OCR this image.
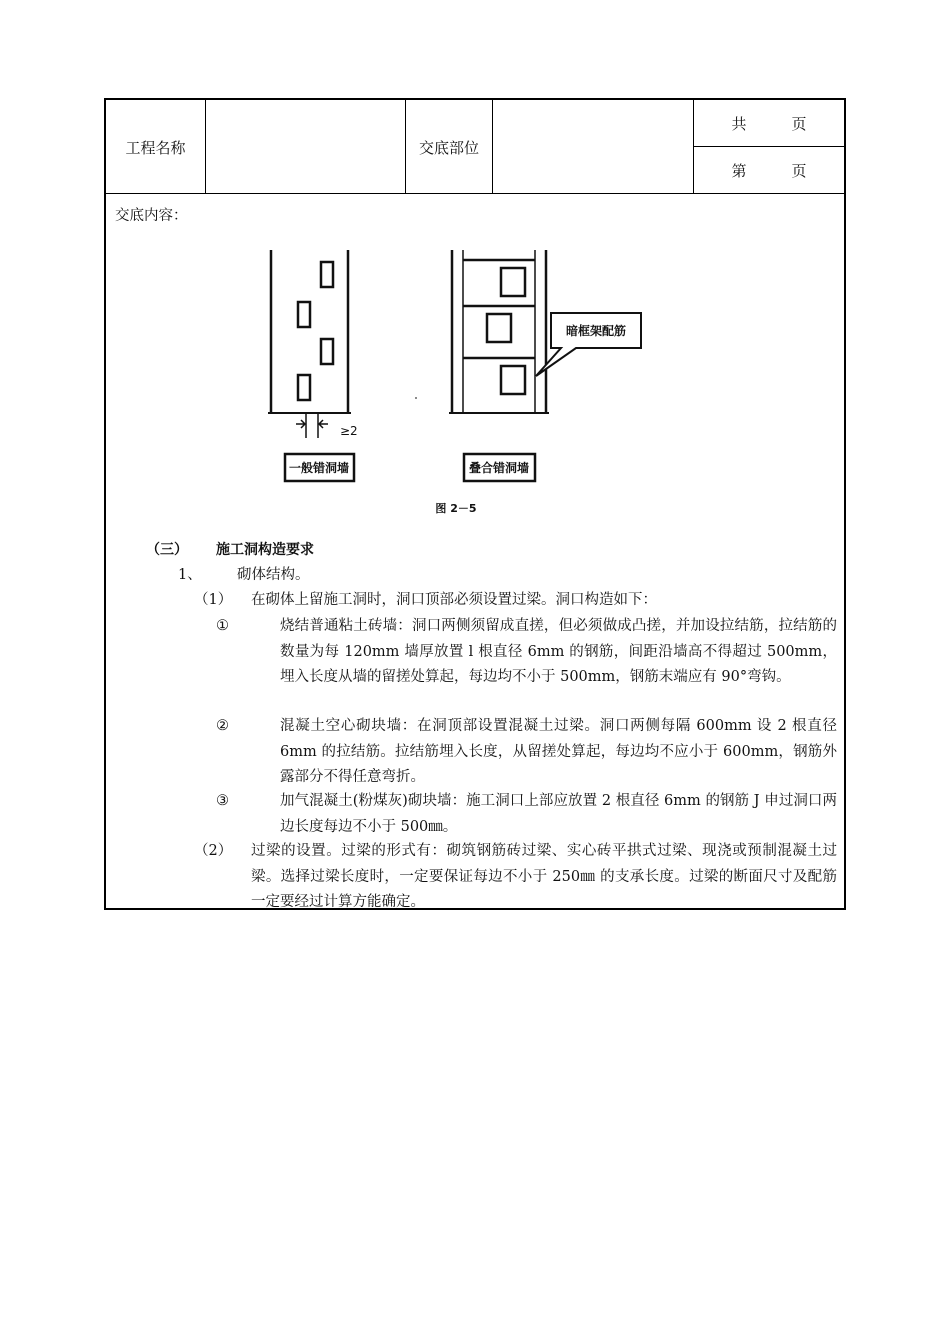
工程名称	交底部位
共　　　页
第　　　页
交底内容：
≥2
一般错洞墙
暗框架配筋
叠合错洞墙
图 2－5
（三） 施工洞构造要求
1、 砌体结构。
（1） 在砌体上留施工洞时，洞口顶部必须设置过梁。洞口构造如下：
①	烧结普通粘土砖墙：洞口两侧须留成直搓，但必须做成凸搓，并加设拉结筋，拉结筋的数量为每 120mm 墙厚放置 l 根直径 6mm 的钢筋，间距沿墙高不得超过 500mm，埋入长度从墙的留搓处算起，每边均不小于 500mm，钢筋末端应有 90°弯钩。
②	混凝土空心砌块墙：在洞顶部设置混凝土过梁。洞口两侧每隔 600mm 设 2 根直径 6mm 的拉结筋。拉结筋埋入长度，从留搓处算起，每边均不应小于 600mm，钢筋外露部分不得任意弯折。
③	加气混凝土(粉煤灰)砌块墙：施工洞口上部应放置 2 根直径 6mm 的钢筋 J 申过洞口两边长度每边不小于 500㎜。
（2） 过梁的设置。过梁的形式有：砌筑钢筋砖过梁、实心砖平拱式过梁、现浇或预制混凝土过梁。选择过梁长度时，一定要保证每边不小于 250㎜ 的支承长度。过梁的断面尺寸及配筋一定要经过计算方能确定。
